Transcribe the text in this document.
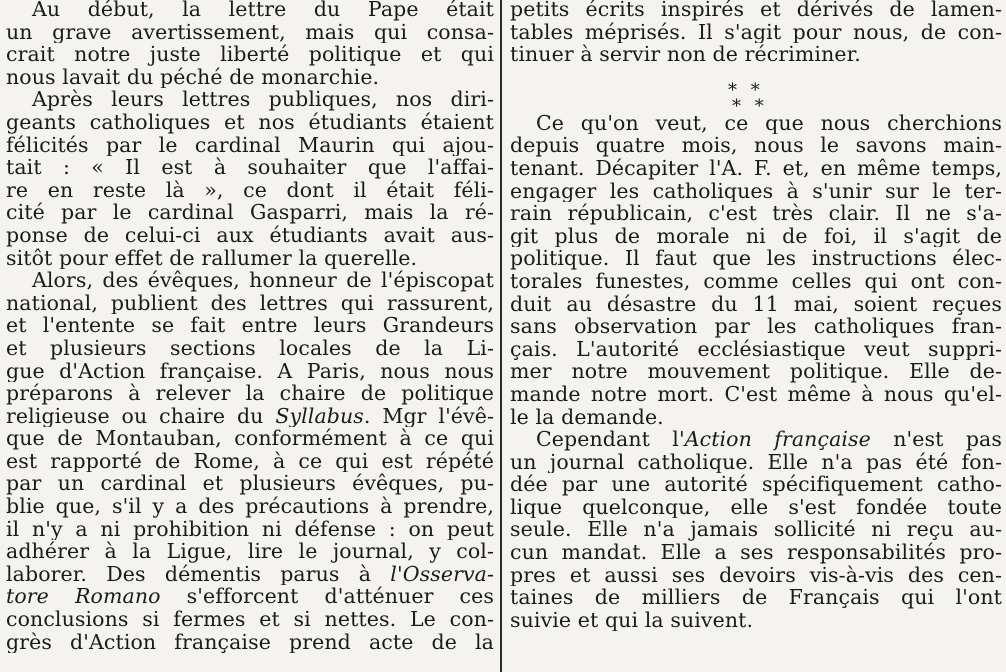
Au début, la lettre du Pape était
un grave avertissement, mais qui consa-
crait notre juste liberté politique et qui
nous lavait du péché de monarchie.
Après leurs lettres publiques, nos diri-
geants catholiques et nos étudiants étaient
félicités par le cardinal Maurin qui ajou-
tait : « Il est à souhaiter que l'affai-
re en reste là », ce dont il était féli-
cité par le cardinal Gasparri, mais la ré-
ponse de celui-ci aux étudiants avait aus-
sitôt pour effet de rallumer la querelle.
Alors, des évêques, honneur de l'épiscopat
national, publient des lettres qui rassurent,
et l'entente se fait entre leurs Grandeurs
et plusieurs sections locales de la Li-
gue d'Action française. A Paris, nous nous
préparons à relever la chaire de politique
religieuse ou chaire du Syllabus. Mgr l'évê-
que de Montauban, conformément à ce qui
est rapporté de Rome, à ce qui est répété
par un cardinal et plusieurs évêques, pu-
blie que, s'il y a des précautions à prendre,
il n'y a ni prohibition ni défense : on peut
adhérer à la Ligue, lire le journal, y col-
laborer. Des démentis parus à l'Osserva-
tore Romano s'efforcent d'atténuer ces
conclusions si fermes et si nettes. Le con-
grès d'Action française prend acte de la
petits écrits inspirés et dérivés de lamen-
tables méprisés. Il s'agit pour nous, de con-
tinuer à servir non de récriminer.
* *
* *
Ce qu'on veut, ce que nous cherchions
depuis quatre mois, nous le savons main-
tenant. Décapiter l'A. F. et, en même temps,
engager les catholiques à s'unir sur le ter-
rain républicain, c'est très clair. Il ne s'a-
git plus de morale ni de foi, il s'agit de
politique. Il faut que les instructions élec-
torales funestes, comme celles qui ont con-
duit au désastre du 11 mai, soient reçues
sans observation par les catholiques fran-
çais. L'autorité ecclésiastique veut suppri-
mer notre mouvement politique. Elle de-
mande notre mort. C'est même à nous qu'el-
le la demande.
Cependant l'Action française n'est pas
un journal catholique. Elle n'a pas été fon-
dée par une autorité spécifiquement catho-
lique quelconque, elle s'est fondée toute
seule. Elle n'a jamais sollicité ni reçu au-
cun mandat. Elle a ses responsabilités pro-
pres et aussi ses devoirs vis-à-vis des cen-
taines de milliers de Français qui l'ont
suivie et qui la suivent.
